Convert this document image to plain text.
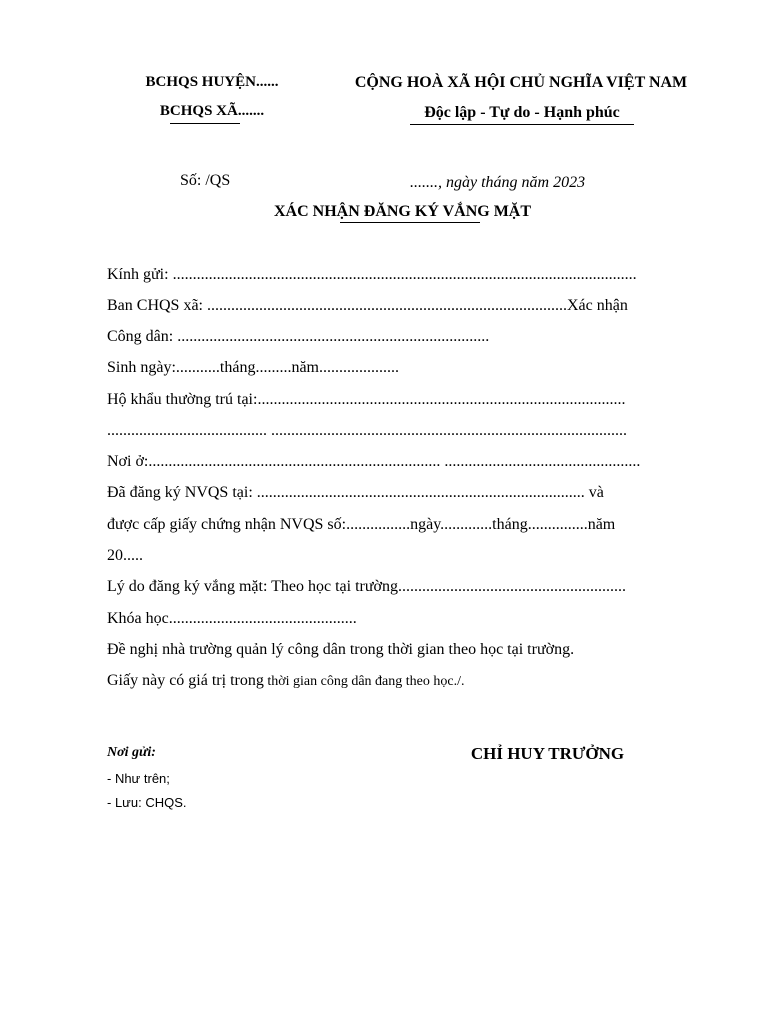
BCHQS HUYỆN......
BCHQS XÃ.......
CỘNG HOÀ XÃ HỘI CHỦ NGHĨA VIỆT NAM
Độc lập - Tự do - Hạnh phúc
Số: /QS	......., ngày tháng năm 2023
XÁC NHẬN ĐĂNG KÝ VẮNG MẶT
Kính gửi: ....................................................................................................................
Ban CHQS xã: ..........................................................................................Xác nhận
Công dân: ..............................................................................
Sinh ngày:...........tháng.........năm....................
Hộ khẩu thường trú tại:............................................................................................
........................................ .........................................................................................
Nơi ở:......................................................................... .................................................
Đã đăng ký NVQS tại: .................................................................................. và
được cấp giấy chứng nhận NVQS số:................ngày.............tháng...............năm
20.....
Lý do đăng ký vắng mặt: Theo học tại trường.........................................................
Khóa học...............................................
Đề nghị nhà trường quản lý công dân trong thời gian theo học tại trường.
Giấy này có giá trị trong thời gian công dân đang theo học./.
Nơi gửi:
- Như trên;
- Lưu: CHQS.
CHỈ HUY TRƯỞNG
